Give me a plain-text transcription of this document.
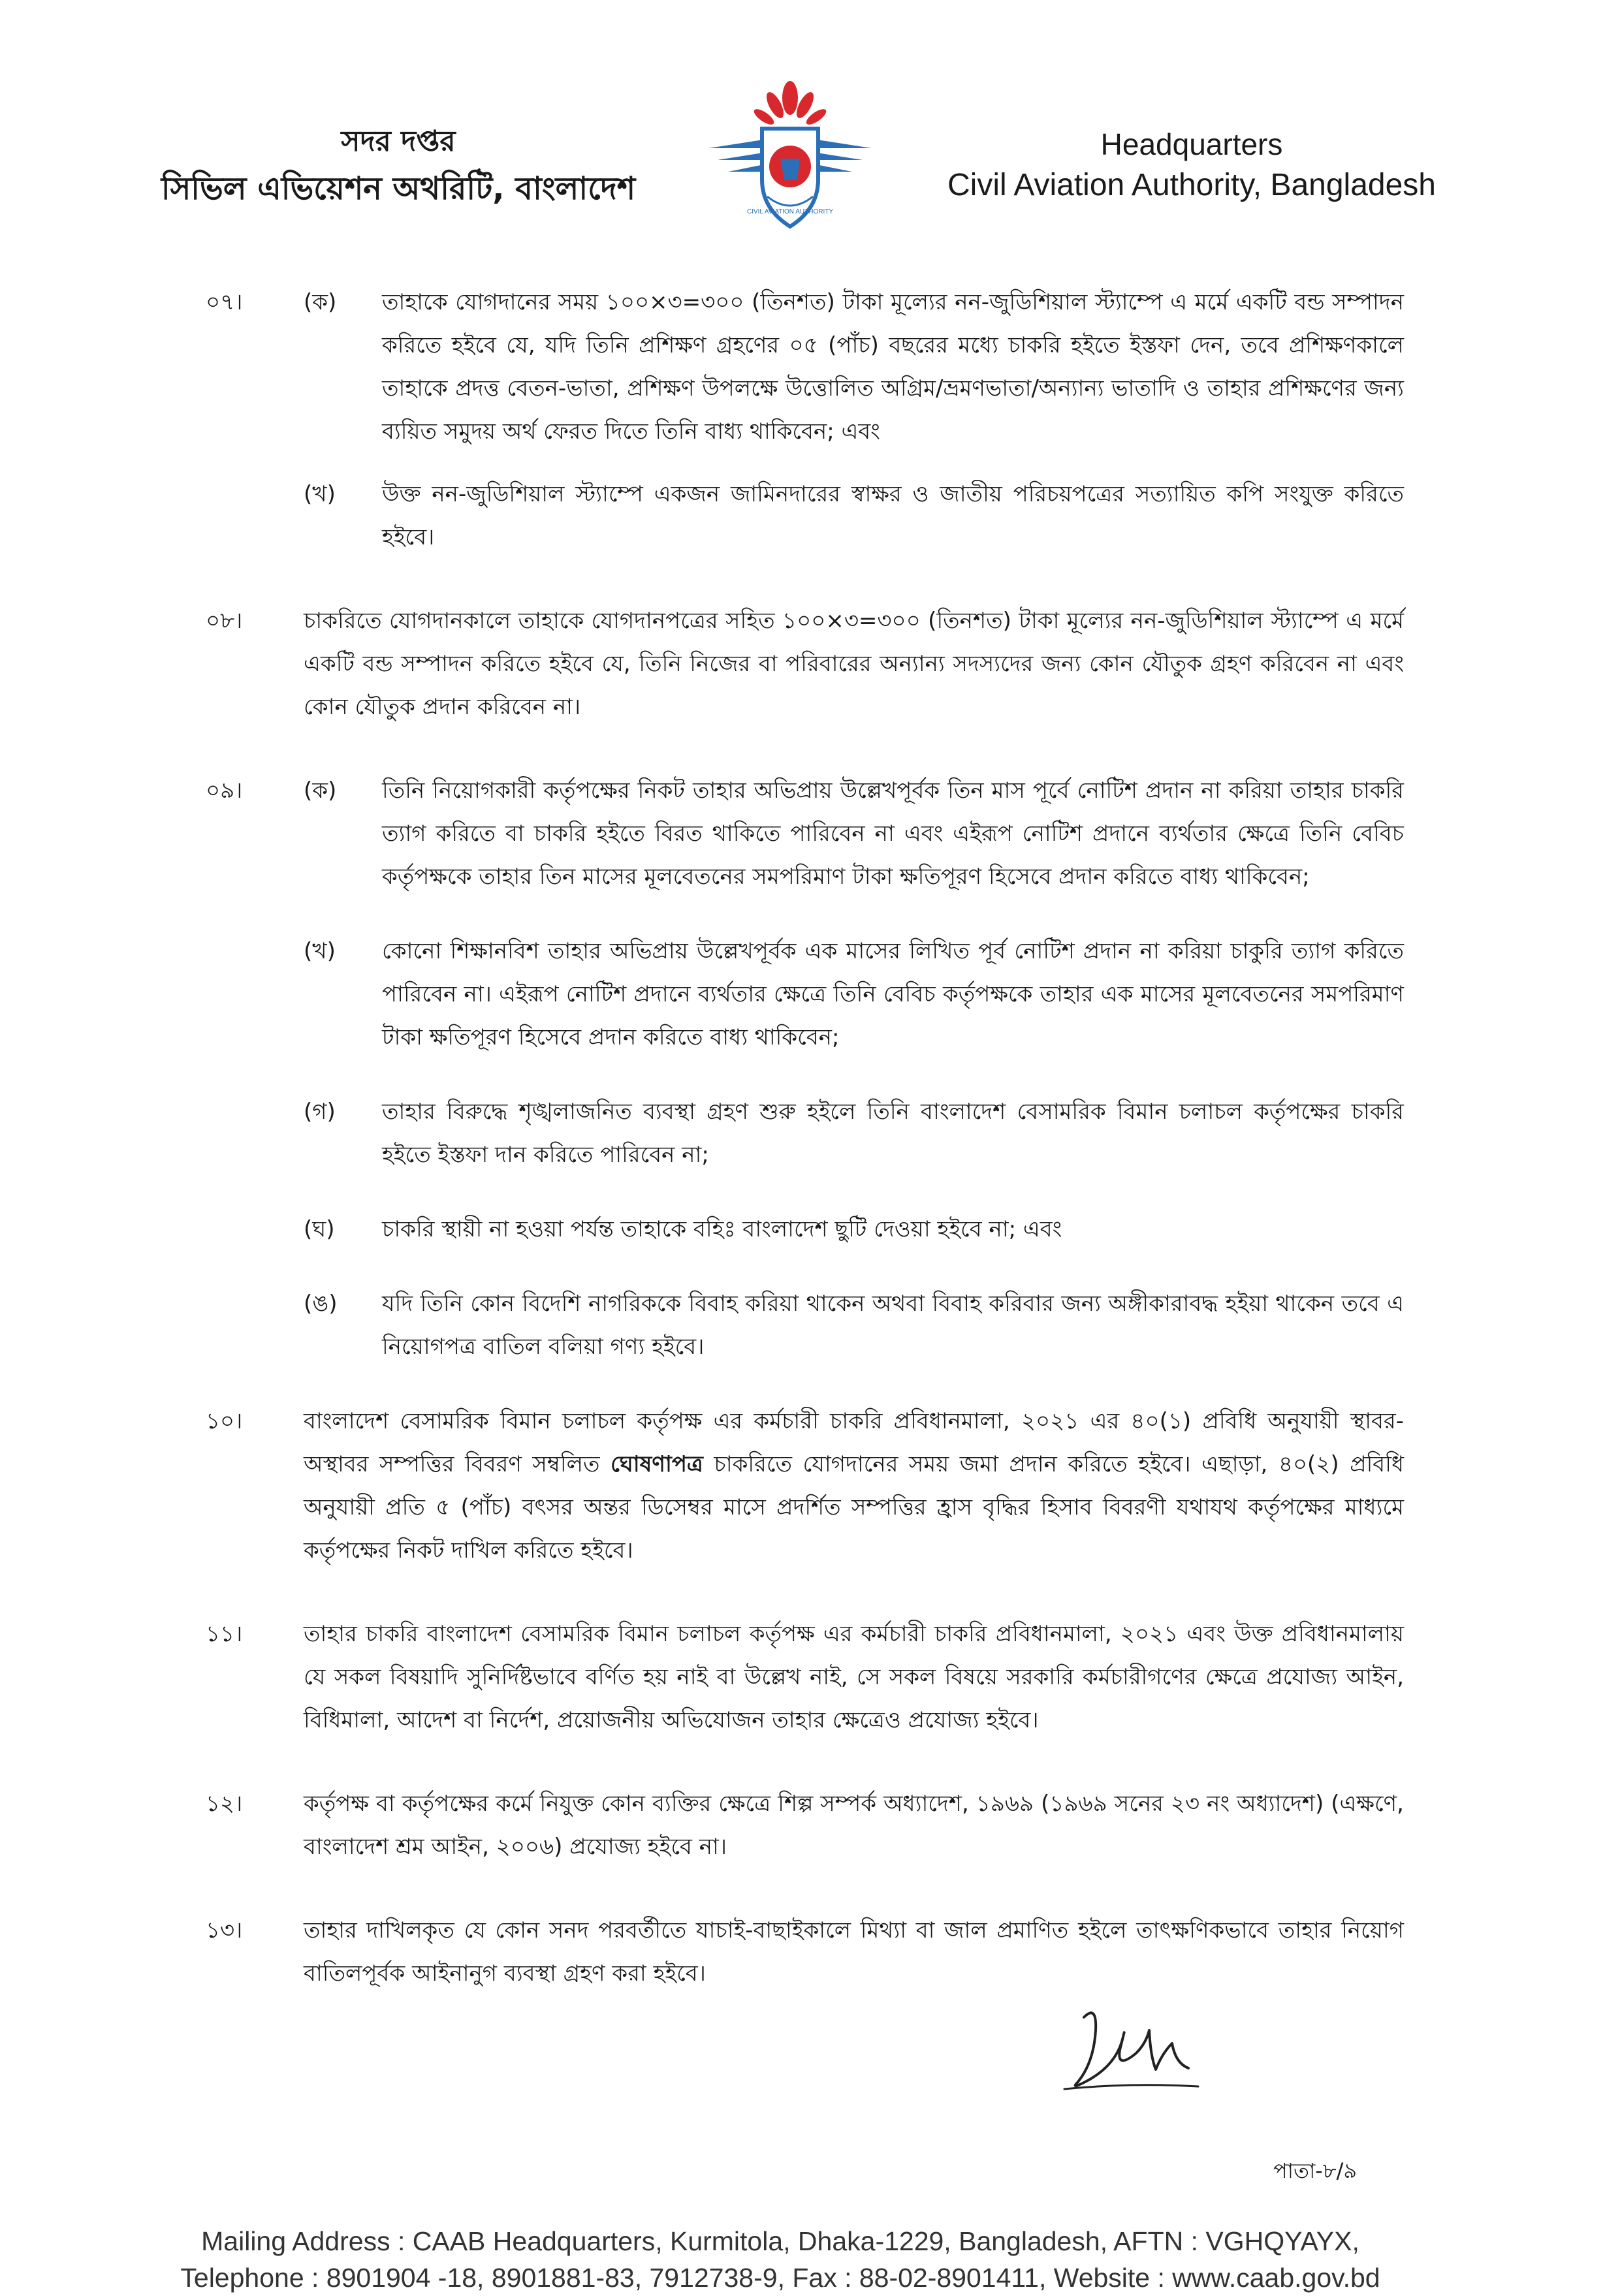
সদর দপ্তর
সিভিল এভিয়েশন অথরিটি, বাংলাদেশ
CIVIL AVIATION AUTHORITY
Headquarters
Civil Aviation Authority, Bangladesh
০৭।	(ক) তাহাকে যোগদানের সময় ১০০×৩=৩০০ (তিনশত) টাকা মূল্যের নন-জুডিশিয়াল স্ট্যাম্পে এ মর্মে একটি বন্ড সম্পাদন করিতে হইবে যে, যদি তিনি প্রশিক্ষণ গ্রহণের ০৫ (পাঁচ) বছরের মধ্যে চাকরি হইতে ইস্তফা দেন, তবে প্রশিক্ষণকালে তাহাকে প্রদত্ত বেতন-ভাতা, প্রশিক্ষণ উপলক্ষে উত্তোলিত অগ্রিম/ভ্রমণভাতা/অন্যান্য ভাতাদি ও তাহার প্রশিক্ষণের জন্য ব্যয়িত সমুদয় অর্থ ফেরত দিতে তিনি বাধ্য থাকিবেন; এবং
(খ) উক্ত নন-জুডিশিয়াল স্ট্যাম্পে একজন জামিনদারের স্বাক্ষর ও জাতীয় পরিচয়পত্রের সত্যায়িত কপি সংযুক্ত করিতে হইবে।
০৮।	চাকরিতে যোগদানকালে তাহাকে যোগদানপত্রের সহিত ১০০×৩=৩০০ (তিনশত) টাকা মূল্যের নন-জুডিশিয়াল স্ট্যাম্পে এ মর্মে একটি বন্ড সম্পাদন করিতে হইবে যে, তিনি নিজের বা পরিবারের অন্যান্য সদস্যদের জন্য কোন যৌতুক গ্রহণ করিবেন না এবং কোন যৌতুক প্রদান করিবেন না।
০৯।	(ক) তিনি নিয়োগকারী কর্তৃপক্ষের নিকট তাহার অভিপ্রায় উল্লেখপূর্বক তিন মাস পূর্বে নোটিশ প্রদান না করিয়া তাহার চাকরি ত্যাগ করিতে বা চাকরি হইতে বিরত থাকিতে পারিবেন না এবং এইরূপ নোটিশ প্রদানে ব্যর্থতার ক্ষেত্রে তিনি বেবিচ কর্তৃপক্ষকে তাহার তিন মাসের মূলবেতনের সমপরিমাণ টাকা ক্ষতিপূরণ হিসেবে প্রদান করিতে বাধ্য থাকিবেন;
(খ) কোনো শিক্ষানবিশ তাহার অভিপ্রায় উল্লেখপূর্বক এক মাসের লিখিত পূর্ব নোটিশ প্রদান না করিয়া চাকুরি ত্যাগ করিতে পারিবেন না। এইরূপ নোটিশ প্রদানে ব্যর্থতার ক্ষেত্রে তিনি বেবিচ কর্তৃপক্ষকে তাহার এক মাসের মূলবেতনের সমপরিমাণ টাকা ক্ষতিপূরণ হিসেবে প্রদান করিতে বাধ্য থাকিবেন;
(গ) তাহার বিরুদ্ধে শৃঙ্খলাজনিত ব্যবস্থা গ্রহণ শুরু হইলে তিনি বাংলাদেশ বেসামরিক বিমান চলাচল কর্তৃপক্ষের চাকরি হইতে ইস্তফা দান করিতে পারিবেন না;
(ঘ) চাকরি স্থায়ী না হওয়া পর্যন্ত তাহাকে বহিঃ বাংলাদেশ ছুটি দেওয়া হইবে না; এবং
(ঙ) যদি তিনি কোন বিদেশি নাগরিককে বিবাহ করিয়া থাকেন অথবা বিবাহ করিবার জন্য অঙ্গীকারাবদ্ধ হইয়া থাকেন তবে এ নিয়োগপত্র বাতিল বলিয়া গণ্য হইবে।
১০।	বাংলাদেশ বেসামরিক বিমান চলাচল কর্তৃপক্ষ এর কর্মচারী চাকরি প্রবিধানমালা, ২০২১ এর ৪০(১) প্রবিধি অনুযায়ী স্থাবর-অস্থাবর সম্পত্তির বিবরণ সম্বলিত ঘোষণাপত্র চাকরিতে যোগদানের সময় জমা প্রদান করিতে হইবে। এছাড়া, ৪০(২) প্রবিধি অনুযায়ী প্রতি ৫ (পাঁচ) বৎসর অন্তর ডিসেম্বর মাসে প্রদর্শিত সম্পত্তির হ্রাস বৃদ্ধির হিসাব বিবরণী যথাযথ কর্তৃপক্ষের মাধ্যমে কর্তৃপক্ষের নিকট দাখিল করিতে হইবে।
১১।	তাহার চাকরি বাংলাদেশ বেসামরিক বিমান চলাচল কর্তৃপক্ষ এর কর্মচারী চাকরি প্রবিধানমালা, ২০২১ এবং উক্ত প্রবিধানমালায় যে সকল বিষয়াদি সুনির্দিষ্টভাবে বর্ণিত হয় নাই বা উল্লেখ নাই, সে সকল বিষয়ে সরকারি কর্মচারীগণের ক্ষেত্রে প্রযোজ্য আইন, বিধিমালা, আদেশ বা নির্দেশ, প্রয়োজনীয় অভিযোজন তাহার ক্ষেত্রেও প্রযোজ্য হইবে।
১২।	কর্তৃপক্ষ বা কর্তৃপক্ষের কর্মে নিযুক্ত কোন ব্যক্তির ক্ষেত্রে শিল্প সম্পর্ক অধ্যাদেশ, ১৯৬৯ (১৯৬৯ সনের ২৩ নং অধ্যাদেশ) (এক্ষণে, বাংলাদেশ শ্রম আইন, ২০০৬) প্রযোজ্য হইবে না।
১৩।	তাহার দাখিলকৃত যে কোন সনদ পরবর্তীতে যাচাই-বাছাইকালে মিথ্যা বা জাল প্রমাণিত হইলে তাৎক্ষণিকভাবে তাহার নিয়োগ বাতিলপূর্বক আইনানুগ ব্যবস্থা গ্রহণ করা হইবে।
পাতা-৮/৯
Mailing Address : CAAB Headquarters, Kurmitola, Dhaka-1229, Bangladesh, AFTN : VGHQYAYX,
Telephone : 8901904 -18, 8901881-83, 7912738-9, Fax : 88-02-8901411, Website : www.caab.gov.bd
